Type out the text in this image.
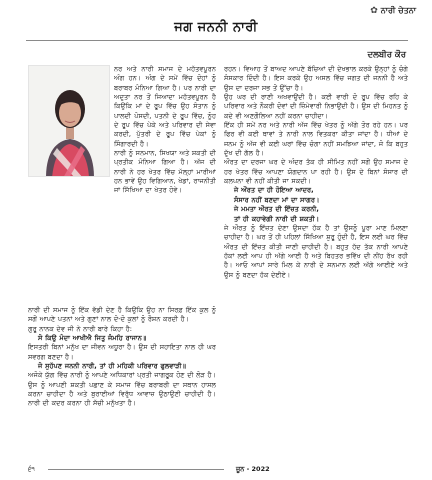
✿ ਨਾਰੀ ਚੇਤਨਾ
ਜਗ ਜਨਨੀ ਨਾਰੀ
ਦਲਬੀਰ ਕੌਰ

ਨਰ ਅਤੇ ਨਾਰੀ ਸਮਾਜ ਦੇ ਮਹੱਤਵਪੂਰਨ ਅੰਗ ਹਨ। ਅੰਗ ਦੇ ਸਮੇਂ ਵਿੱਚ ਦੋਹਾਂ ਨੂੰ ਬਰਾਬਰ ਮੰਨਿਆ ਗਿਆ ਹੈ। ਪਰ ਨਾਰੀ ਦਾ ਅਦੁਤਾ ਨਰ ਤੋਂ ਜਿਆਦਾ ਮਹੱਤਵਪੂਰਨ ਹੈ ਕਿਉਂਕਿ ਮਾਂ ਦੇ ਰੂਪ ਵਿੱਚ ਉਹ ਸੰਤਾਨ ਨੂੰ ਪਾਲਦੀ ਪੋਸਦੀ, ਪਤਨੀ ਦੇ ਰੂਪ ਵਿੱਚ, ਨੂੰਹ ਦੇ ਰੂਪ ਵਿੱਚ ਪੇਕੇ ਅਤੇ ਪਰਿਵਾਰ ਦੀ ਸੇਵਾ ਕਰਦੀ, ਪੁੱਤਰੀ ਦੇ ਰੂਪ ਵਿੱਚ ਪੇਕਾਂ ਨੂੰ ਸਿੰਗਾਰਦੀ ਹੈ।

ਨਾਰੀ ਨੂੰ ਸਨਮਾਨ, ਸਿਖਯਾ ਅਤੇ ਸ਼ਕਤੀ ਦੀ ਪ੍ਰਤੀਕ ਮੰਨਿਆ ਗਿਆ ਹੈ। ਅੱਜ ਦੀ ਨਾਰੀ ਨੇ ਹਰ ਖੇਤਰ ਵਿੱਚ ਮੱਲ੍ਹਾਂ ਮਾਰੀਆਂ ਹਨ ਭਾਵੇਂ ਉਹ ਵਿਗਿਆਨ, ਖੇਡਾਂ, ਰਾਜਨੀਤੀ ਜਾਂ ਸਿੱਖਿਆ ਦਾ ਖੇਤਰ ਹੋਵੇ।

ਨਾਰੀ ਦੀ ਸਮਾਜ ਨੂੰ ਇੱਕ ਵੱਡੀ ਦੇਣ ਹੈ ਕਿਉਂਕਿ ਉਹ ਨਾ ਸਿਰਫ਼ ਇੱਕ ਕੁਲ ਨੂੰ ਸਗੋਂ ਆਪਣੇ ਪਤਨਾਂ ਅਤੇ ਗੁਣਾਂ ਨਾਲ ਦੋ-ਦੋ ਕੁਲਾਂ ਨੂੰ ਰੌਸ਼ਨ ਕਰਦੀ ਹੈ।

ਗੁਰੂ ਨਾਨਕ ਦੇਵ ਜੀ ਨੇ ਨਾਰੀ ਬਾਰੇ ਕਿਹਾ ਹੈ:

ਸੋ ਕਿਉ ਮੰਦਾ ਆਖੀਐ ਜਿਤੁ ਜੰਮਹਿ ਰਾਜਾਨ॥

ਇਸਤਰੀ ਬਿਨਾਂ ਮਨੁੱਖ ਦਾ ਜੀਵਨ ਅਧੂਰਾ ਹੈ। ਉਸ ਦੀ ਸਹਾਇਤਾ ਨਾਲ ਹੀ ਘਰ ਸਵਰਗ ਬਣਦਾ ਹੈ।

ਜੋ ਸੁਹੱਪਣ ਜਨਨੀ ਨਾਰੀ, ਤਾਂ ਹੀ ਮਹਿਕੀ ਪਰਿਵਾਰ ਫੁਲਵਾੜੀ॥

ਅਜੋਕੇ ਯੁੱਗ ਵਿੱਚ ਨਾਰੀ ਨੂੰ ਆਪਣੇ ਅਧਿਕਾਰਾਂ ਪ੍ਰਤੀ ਜਾਗਰੂਕ ਹੋਣ ਦੀ ਲੋੜ ਹੈ। ਉਸ ਨੂੰ ਆਪਣੀ ਸ਼ਕਤੀ ਪਛਾਣ ਕੇ ਸਮਾਜ ਵਿੱਚ ਬਰਾਬਰੀ ਦਾ ਸਥਾਨ ਹਾਸਲ ਕਰਨਾ ਚਾਹੀਦਾ ਹੈ ਅਤੇ ਬੁਰਾਈਆਂ ਵਿਰੁੱਧ ਆਵਾਜ਼ ਉਠਾਉਣੀ ਚਾਹੀਦੀ ਹੈ। ਨਾਰੀ ਦੀ ਕਦਰ ਕਰਨਾ ਹੀ ਸੱਚੀ ਮਨੁੱਖਤਾ ਹੈ।

ਰਹਨ। ਵਿਆਹ ਤੋਂ ਬਾਅਦ ਆਪਣੇ ਬੱਚਿਆਂ ਦੀ ਦੇਖਭਾਲ ਕਰਕੇ ਉਨ੍ਹਾਂ ਨੂੰ ਚੰਗੇ ਸੰਸਕਾਰ ਦਿੰਦੀ ਹੈ। ਇਸ ਕਰਕੇ ਉਹ ਅਸਲ ਵਿੱਚ ਜਗਤ ਦੀ ਜਨਨੀ ਹੈ ਅਤੇ ਉਸ ਦਾ ਦਰਜਾ ਸਭ ਤੋਂ ਉੱਚਾ ਹੈ।

ਉਹ ਘਰ ਦੀ ਰਾਣੀ ਅਖਵਾਉਂਦੀ ਹੈ। ਕਈ ਵਾਰੀ ਦੋ ਰੂਪ ਵਿੱਚ ਰਹਿ ਕੇ ਪਰਿਵਾਰ ਅਤੇ ਨੌਕਰੀ ਦੋਵਾਂ ਦੀ ਜ਼ਿੰਮੇਵਾਰੀ ਨਿਭਾਉਂਦੀ ਹੈ। ਉਸ ਦੀ ਮਿਹਨਤ ਨੂੰ ਕਦੇ ਵੀ ਅਣਗੌਲਿਆ ਨਹੀਂ ਕਰਨਾ ਚਾਹੀਦਾ।

ਇੱਕ ਹੀ ਸਮੇਂ ਨਰ ਅਤੇ ਨਾਰੀ ਅੱਜ ਵਿੱਚ ਖੇਤਰ ਨੂੰ ਅੱਗੇ ਤੋਰ ਰਹੇ ਹਨ। ਪਰ ਫਿਰ ਵੀ ਕਈ ਥਾਵਾਂ ਤੇ ਨਾਰੀ ਨਾਲ ਵਿਤਕਰਾ ਕੀਤਾ ਜਾਂਦਾ ਹੈ। ਧੀਆਂ ਦੇ ਜਨਮ ਨੂੰ ਅੱਜ ਵੀ ਕਈ ਘਰਾਂ ਵਿੱਚ ਚੰਗਾ ਨਹੀਂ ਸਮਝਿਆ ਜਾਂਦਾ, ਜੋ ਕਿ ਬਹੁਤ ਦੁੱਖ ਦੀ ਗੱਲ ਹੈ।

ਔਰਤ ਦਾ ਦਰਜਾ ਘਰ ਦੇ ਅੰਦਰ ਤੱਕ ਹੀ ਸੀਮਿਤ ਨਹੀਂ ਸਗੋਂ ਉਹ ਸਮਾਜ ਦੇ ਹਰ ਖੇਤਰ ਵਿੱਚ ਆਪਣਾ ਯੋਗਦਾਨ ਪਾ ਰਹੀ ਹੈ। ਉਸ ਦੇ ਬਿਨਾਂ ਸੰਸਾਰ ਦੀ ਕਲਪਨਾ ਵੀ ਨਹੀਂ ਕੀਤੀ ਜਾ ਸਕਦੀ।

ਜੇ ਔਰਤ ਦਾ ਹੀ ਹੋਇਆ ਆਦਰ,

ਸੰਸਾਰ ਨਹੀਂ ਬਣਦਾ ਮਾਂ ਦਾ ਸਾਗਰ।

ਜੇ ਮਮਤਾ ਔਰਤ ਦੀ ਇੱਜ਼ਤ ਕਰਨੀ,

ਤਾਂ ਹੀ ਕਹਾਵੇਗੀ ਨਾਰੀ ਦੀ ਸ਼ਕਤੀ।

ਜੇ ਔਰਤ ਨੂੰ ਇੱਜ਼ਤ ਦੇਣਾ ਉਸਦਾ ਹੱਕ ਹੈ ਤਾਂ ਉਸਨੂੰ ਪੂਰਾ ਮਾਣ ਮਿਲਣਾ ਚਾਹੀਦਾ ਹੈ। ਘਰ ਤੋਂ ਹੀ ਪਹਿਲਾਂ ਸਿੱਖਿਆ ਸ਼ੁਰੂ ਹੁੰਦੀ ਹੈ, ਇਸ ਲਈ ਘਰ ਵਿੱਚ ਔਰਤ ਦੀ ਇੱਜ਼ਤ ਕੀਤੀ ਜਾਣੀ ਚਾਹੀਦੀ ਹੈ। ਬਹੁਤ ਹੱਦ ਤੱਕ ਨਾਰੀ ਆਪਣੇ ਹੱਕਾਂ ਲਈ ਆਪ ਹੀ ਅੱਗੇ ਆਈ ਹੈ ਅਤੇ ਬਿਹਤਰ ਭਵਿੱਖ ਦੀ ਨੀਂਹ ਰੱਖ ਰਹੀ ਹੈ। ਆਓ ਆਪਾਂ ਸਾਰੇ ਮਿਲ ਕੇ ਨਾਰੀ ਦੇ ਸਨਮਾਨ ਲਈ ਅੱਗੇ ਆਈਏ ਅਤੇ ਉਸ ਨੂੰ ਬਣਦਾ ਹੱਕ ਦੇਈਏ।

੬੧	ਜੂਨ - 2022
